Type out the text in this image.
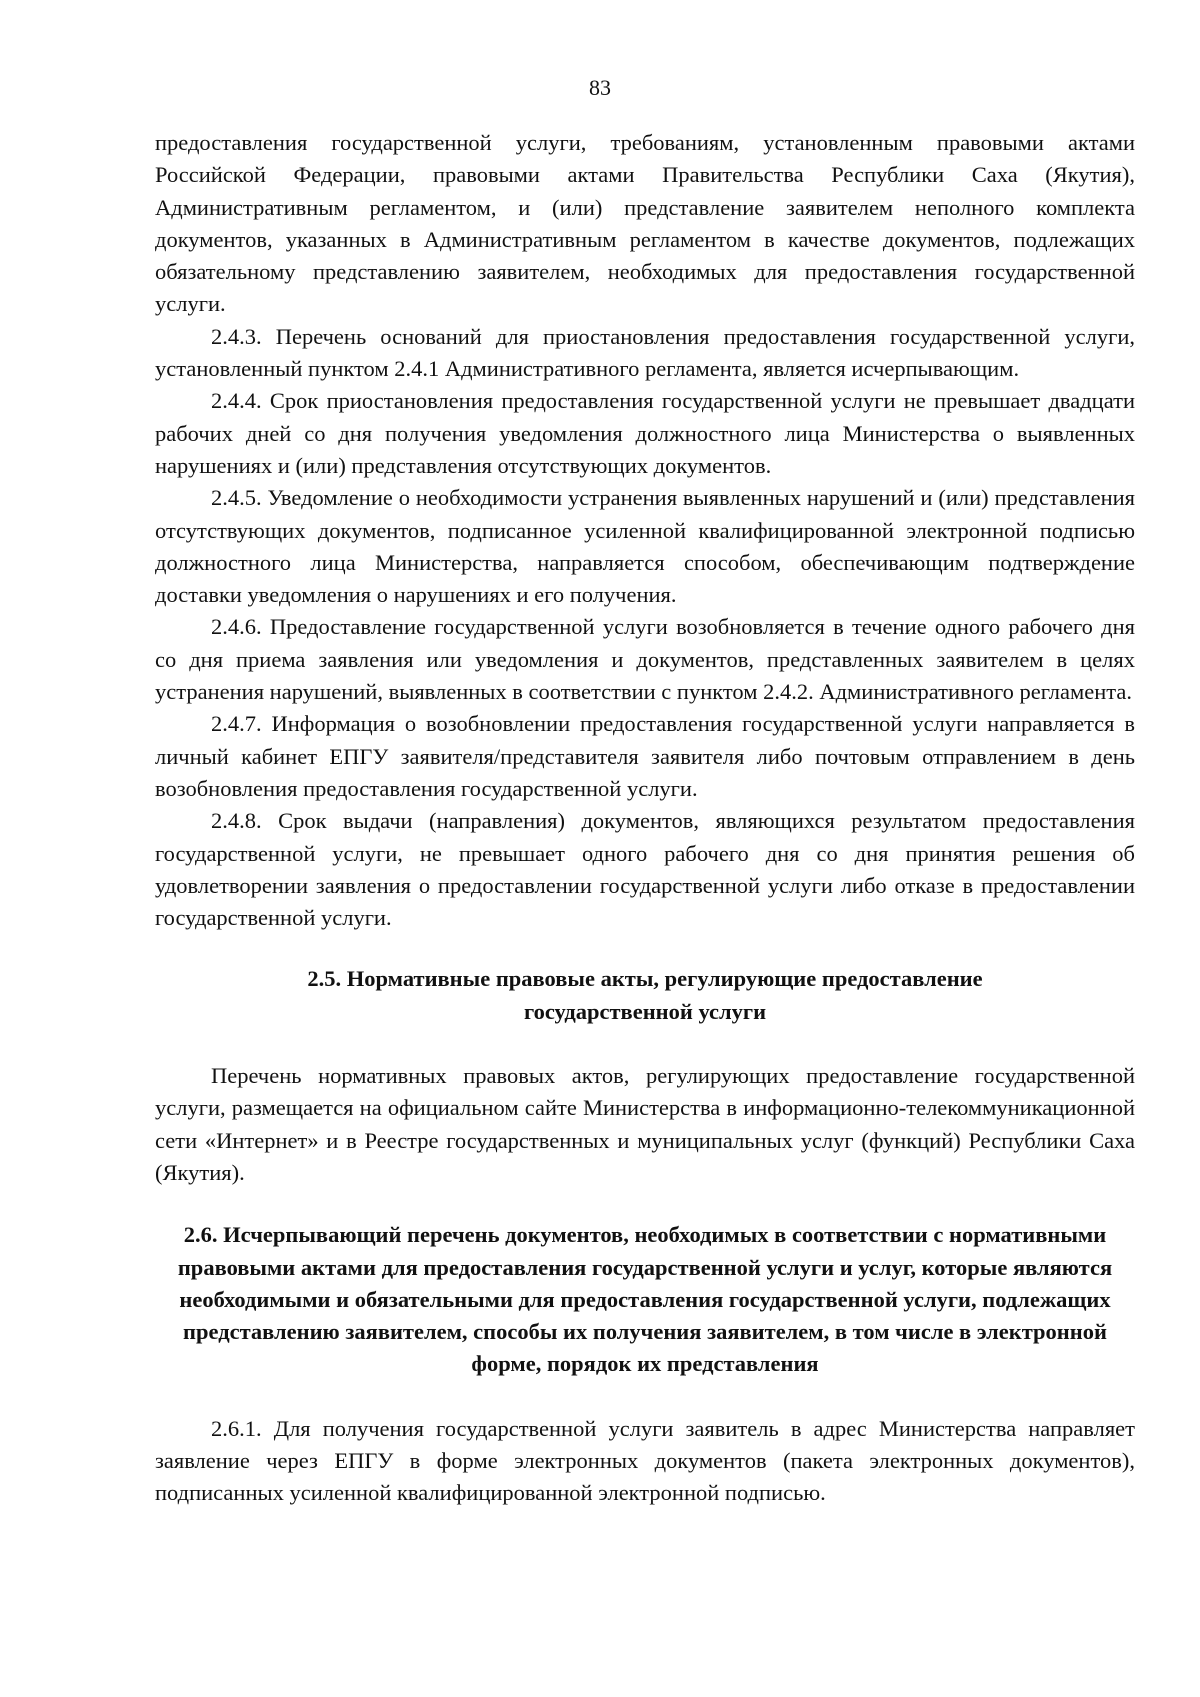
83

предоставления государственной услуги, требованиям, установленным правовыми актами Российской Федерации, правовыми актами Правительства Республики Саха (Якутия), Административным регламентом, и (или) представление заявителем неполного комплекта документов, указанных в Административным регламентом в качестве документов, подлежащих обязательному представлению заявителем, необходимых для предоставления государственной услуги.

2.4.3. Перечень оснований для приостановления предоставления государственной услуги, установленный пунктом 2.4.1 Административного регламента, является исчерпывающим.

2.4.4. Срок приостановления предоставления государственной услуги не превышает двадцати рабочих дней со дня получения уведомления должностного лица Министерства о выявленных нарушениях и (или) представления отсутствующих документов.

2.4.5. Уведомление о необходимости устранения выявленных нарушений и (или) представления отсутствующих документов, подписанное усиленной квалифицированной электронной подписью должностного лица Министерства, направляется способом, обеспечивающим подтверждение доставки уведомления о нарушениях и его получения.

2.4.6. Предоставление государственной услуги возобновляется в течение одного рабочего дня со дня приема заявления или уведомления и документов, представленных заявителем в целях устранения нарушений, выявленных в соответствии с пунктом 2.4.2. Административного регламента.

2.4.7. Информация о возобновлении предоставления государственной услуги направляется в личный кабинет ЕПГУ заявителя/представителя заявителя либо почтовым отправлением в день возобновления предоставления государственной услуги.

2.4.8. Срок выдачи (направления) документов, являющихся результатом предоставления государственной услуги, не превышает одного рабочего дня со дня принятия решения об удовлетворении заявления о предоставлении государственной услуги либо отказе в предоставлении государственной услуги.

2.5. Нормативные правовые акты, регулирующие предоставление государственной услуги

Перечень нормативных правовых актов, регулирующих предоставление государственной услуги, размещается на официальном сайте Министерства в информационно-телекоммуникационной сети «Интернет» и в Реестре государственных и муниципальных услуг (функций) Республики Саха (Якутия).

2.6. Исчерпывающий перечень документов, необходимых в соответствии с нормативными правовыми актами для предоставления государственной услуги и услуг, которые являются необходимыми и обязательными для предоставления государственной услуги, подлежащих представлению заявителем, способы их получения заявителем, в том числе в электронной форме, порядок их представления

2.6.1. Для получения государственной услуги заявитель в адрес Министерства направляет заявление через ЕПГУ в форме электронных документов (пакета электронных документов), подписанных усиленной квалифицированной электронной подписью.
